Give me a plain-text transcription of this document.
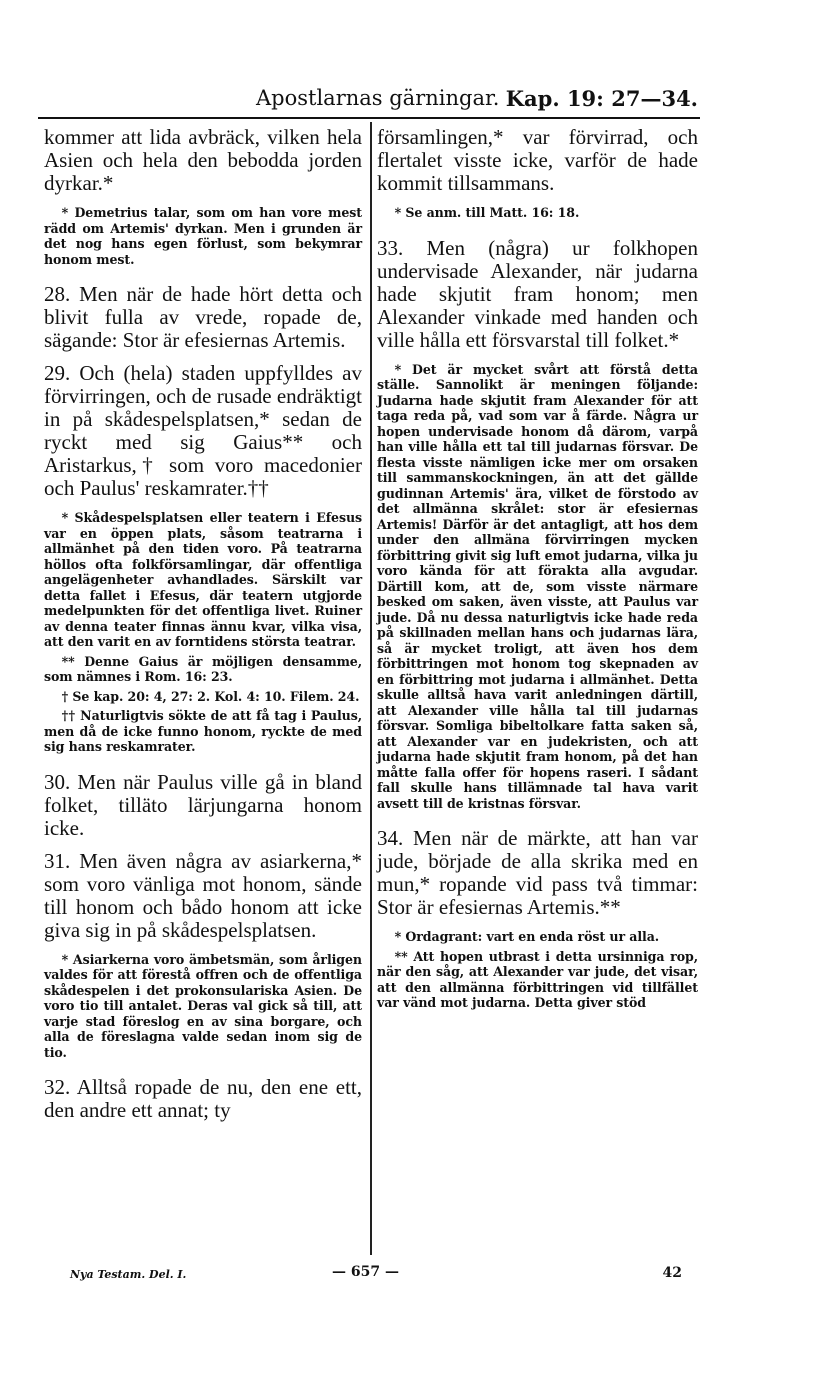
Apostlarnas gärningar. Kap. 19: 27—34.

kommer att lida avbräck, vilken hela Asien och hela den bebodda jorden dyrkar.*

* Demetrius talar, som om han vore mest rädd om Artemis' dyrkan. Men i grunden är det nog hans egen förlust, som bekymrar honom mest.

28. Men när de hade hört detta och blivit fulla av vrede, ropade de, sägande: Stor är efesiernas Artemis.

29. Och (hela) staden uppfylldes av förvirringen, och de rusade endräktigt in på skådespelsplatsen,* sedan de ryckt med sig Gaius** och Aristarkus,† som voro macedonier och Paulus' reskamrater.††

* Skådespelsplatsen eller teatern i Efesus var en öppen plats, såsom teatrarna i allmänhet på den tiden voro. På teatrarna höllos ofta folkförsamlingar, där offentliga angelägenheter avhandlades. Särskilt var detta fallet i Efesus, där teatern utgjorde medelpunkten för det offentliga livet. Ruiner av denna teater finnas ännu kvar, vilka visa, att den varit en av forntidens största teatrar.

** Denne Gaius är möjligen densamme, som nämnes i Rom. 16: 23.

† Se kap. 20: 4, 27: 2. Kol. 4: 10. Filem. 24.

†† Naturligtvis sökte de att få tag i Paulus, men då de icke funno honom, ryckte de med sig hans reskamrater.

30. Men när Paulus ville gå in bland folket, tilläto lärjungarna honom icke.

31. Men även några av asiarkerna,* som voro vänliga mot honom, sände till honom och bådo honom att icke giva sig in på skådespelsplatsen.

* Asiarkerna voro ämbetsmän, som årligen valdes för att förestå offren och de offentliga skådespelen i det prokonsulariska Asien. De voro tio till antalet. Deras val gick så till, att varje stad föreslog en av sina borgare, och alla de föreslagna valde sedan inom sig de tio.

32. Alltså ropade de nu, den ene ett, den andre ett annat; ty

församlingen,* var förvirrad, och flertalet visste icke, varför de hade kommit tillsammans.

* Se anm. till Matt. 16: 18.

33. Men (några) ur folkhopen undervisade Alexander, när judarna hade skjutit fram honom; men Alexander vinkade med handen och ville hålla ett försvarstal till folket.*

* Det är mycket svårt att förstå detta ställe. Sannolikt är meningen följande: Judarna hade skjutit fram Alexander för att taga reda på, vad som var å färde. Några ur hopen undervisade honom då därom, varpå han ville hålla ett tal till judarnas försvar. De flesta visste nämligen icke mer om orsaken till sammanskockningen, än att det gällde gudinnan Artemis' ära, vilket de förstodo av det allmänna skrålet: stor är efesiernas Artemis! Därför är det antagligt, att hos dem under den allmäna förvirringen mycken förbittring givit sig luft emot judarna, vilka ju voro kända för att förakta alla avgudar. Därtill kom, att de, som visste närmare besked om saken, även visste, att Paulus var jude. Då nu dessa naturligtvis icke hade reda på skillnaden mellan hans och judarnas lära, så är mycket troligt, att även hos dem förbittringen mot honom tog skepnaden av en förbittring mot judarna i allmänhet. Detta skulle alltså hava varit anledningen därtill, att Alexander ville hålla tal till judarnas försvar. Somliga bibeltolkare fatta saken så, att Alexander var en judekristen, och att judarna hade skjutit fram honom, på det han måtte falla offer för hopens raseri. I sådant fall skulle hans tillämnade tal hava varit avsett till de kristnas försvar.

34. Men när de märkte, att han var jude, började de alla skrika med en mun,* ropande vid pass två timmar: Stor är efesiernas Artemis.**

* Ordagrant: vart en enda röst ur alla.

** Att hopen utbrast i detta ursinniga rop, när den såg, att Alexander var jude, det visar, att den allmänna förbittringen vid tillfället var vänd mot judarna. Detta giver stöd

Nya Testam. Del. I.	— 657 —	42
